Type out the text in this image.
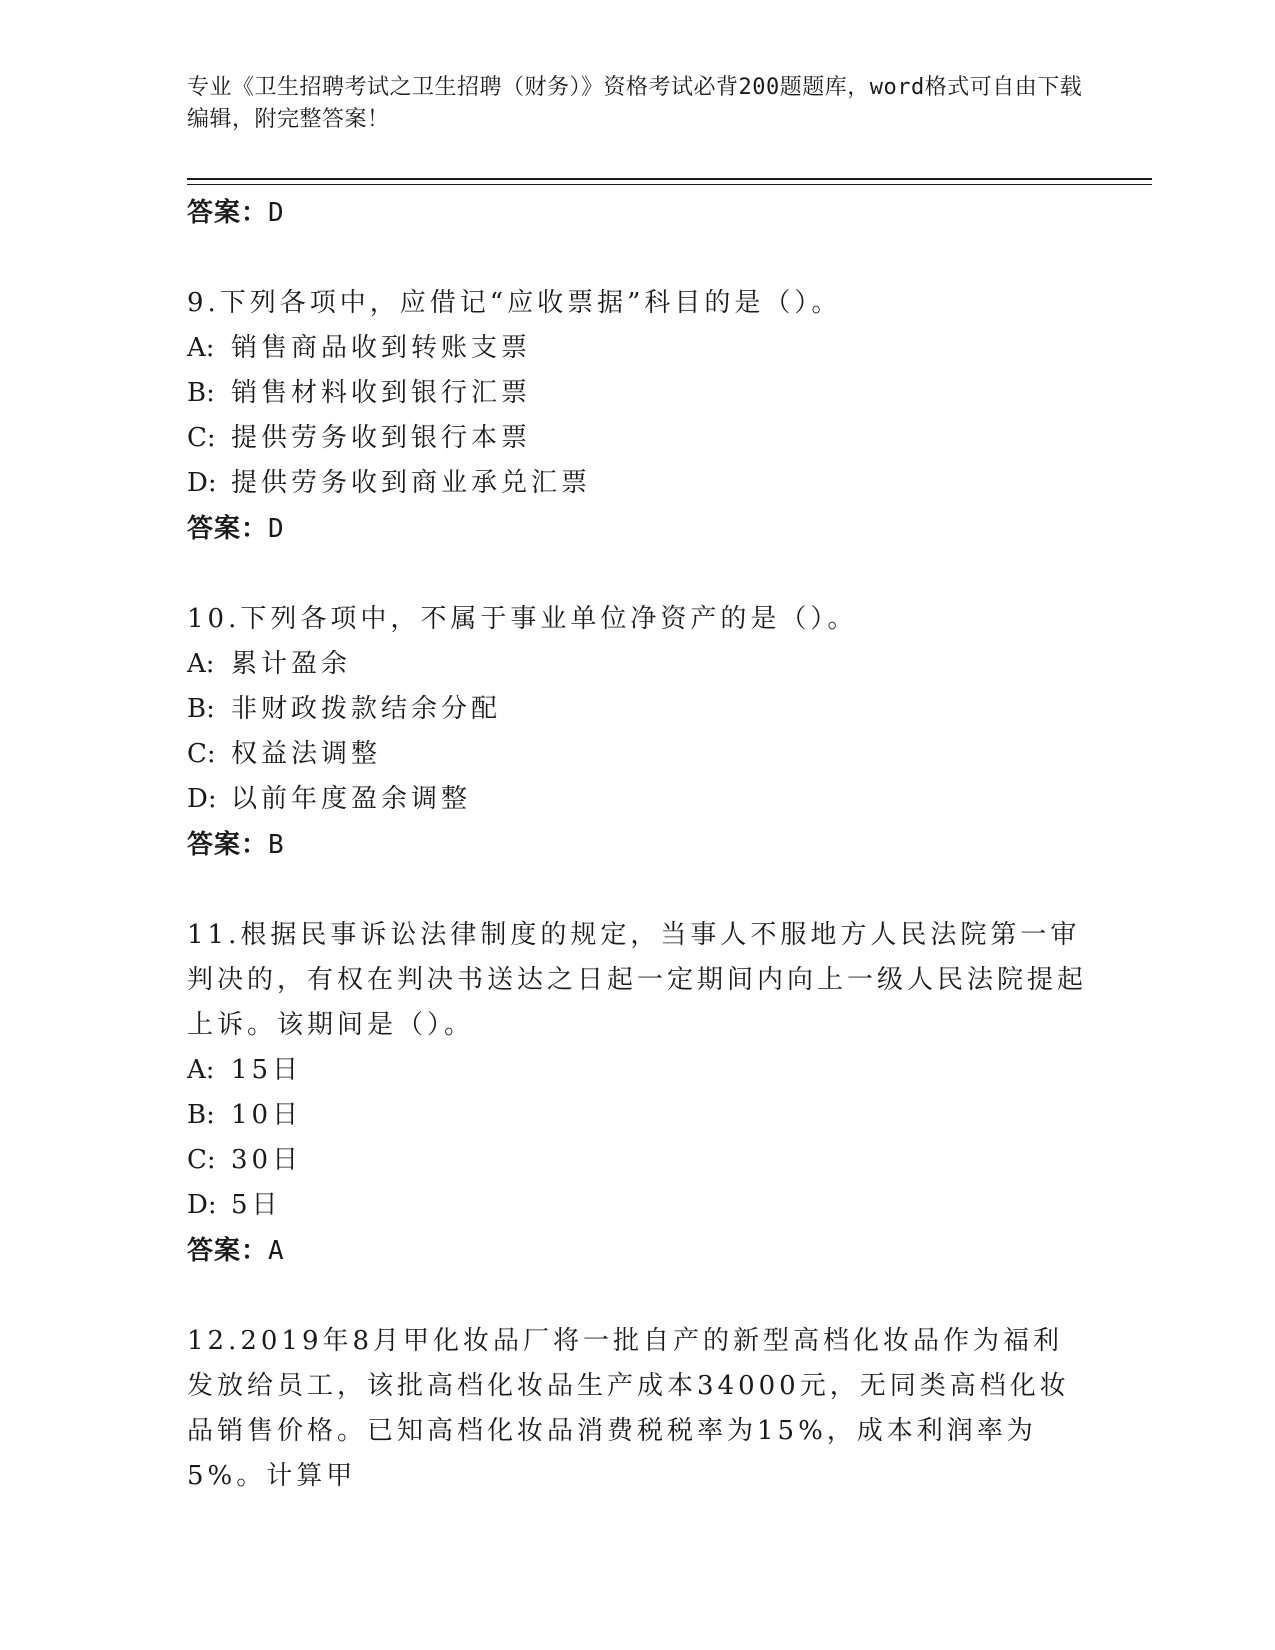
专业《卫生招聘考试之卫生招聘（财务）》资格考试必背200题题库，word格式可自由下载编辑，附完整答案！
答案：D
9.下列各项中，应借记“应收票据”科目的是（）。
A: 销售商品收到转账支票
B: 销售材料收到银行汇票
C: 提供劳务收到银行本票
D: 提供劳务收到商业承兑汇票
答案：D
10.下列各项中，不属于事业单位净资产的是（）。
A: 累计盈余
B: 非财政拨款结余分配
C: 权益法调整
D: 以前年度盈余调整
答案：B
11.根据民事诉讼法律制度的规定，当事人不服地方人民法院第一审判决的，有权在判决书送达之日起一定期间内向上一级人民法院提起上诉。该期间是（）。
A: 15日
B: 10日
C: 30日
D: 5日
答案：A
12.2019年8月甲化妆品厂将一批自产的新型高档化妆品作为福利发放给员工，该批高档化妆品生产成本34000元，无同类高档化妆品销售价格。已知高档化妆品消费税税率为15%，成本利润率为5%。计算甲
